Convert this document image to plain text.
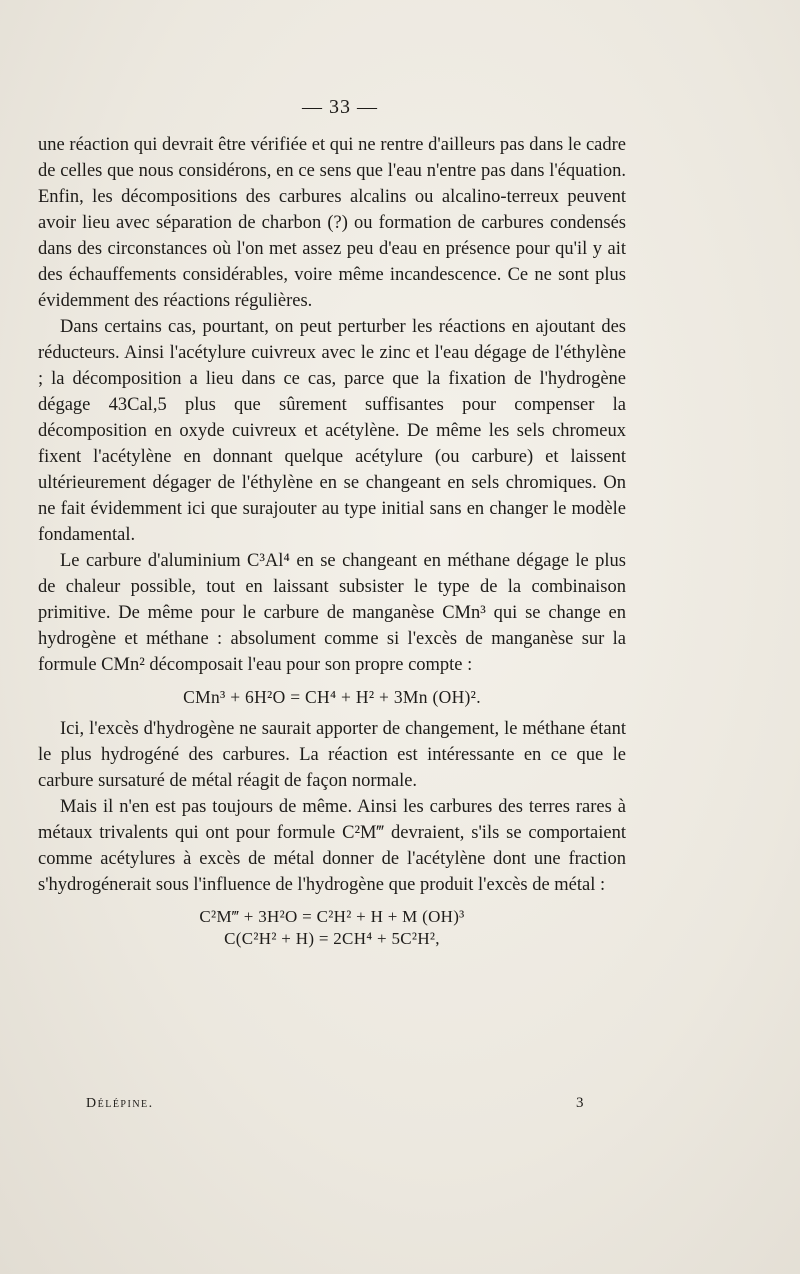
— 33 —

une réaction qui devrait être vérifiée et qui ne rentre d'ailleurs pas dans le cadre de celles que nous considérons, en ce sens que l'eau n'entre pas dans l'équation. Enfin, les décompositions des carbures alcalins ou alcalino-terreux peuvent avoir lieu avec séparation de charbon (?) ou formation de carbures condensés dans des circonstances où l'on met assez peu d'eau en présence pour qu'il y ait des échauffements considérables, voire même incandescence. Ce ne sont plus évidemment des réactions régulières.

Dans certains cas, pourtant, on peut perturber les réactions en ajoutant des réducteurs. Ainsi l'acétylure cuivreux avec le zinc et l'eau dégage de l'éthylène ; la décomposition a lieu dans ce cas, parce que la fixation de l'hydrogène dégage 43Cal,5 plus que sûrement suffisantes pour compenser la décomposition en oxyde cuivreux et acétylène. De même les sels chromeux fixent l'acétylène en donnant quelque acétylure (ou carbure) et laissent ultérieurement dégager de l'éthylène en se changeant en sels chromiques. On ne fait évidemment ici que surajouter au type initial sans en changer le modèle fondamental.

Le carbure d'aluminium C³Al⁴ en se changeant en méthane dégage le plus de chaleur possible, tout en laissant subsister le type de la combinaison primitive. De même pour le carbure de manganèse CMn³ qui se change en hydrogène et méthane : absolument comme si l'excès de manganèse sur la formule CMn² décomposait l'eau pour son propre compte :

CMn³ + 6H²O = CH⁴ + H² + 3Mn (OH)².

Ici, l'excès d'hydrogène ne saurait apporter de changement, le méthane étant le plus hydrogéné des carbures. La réaction est intéressante en ce que le carbure sursaturé de métal réagit de façon normale.

Mais il n'en est pas toujours de même. Ainsi les carbures des terres rares à métaux trivalents qui ont pour formule C²M‴ devraient, s'ils se comportaient comme acétylures à excès de métal donner de l'acétylène dont une fraction s'hydrogénerait sous l'influence de l'hydrogène que produit l'excès de métal :

C²M‴ + 3H²O = C²H² + H + M (OH)³
C(C²H² + H) = 2CH⁴ + 5C²H²,
Délépine.	3
